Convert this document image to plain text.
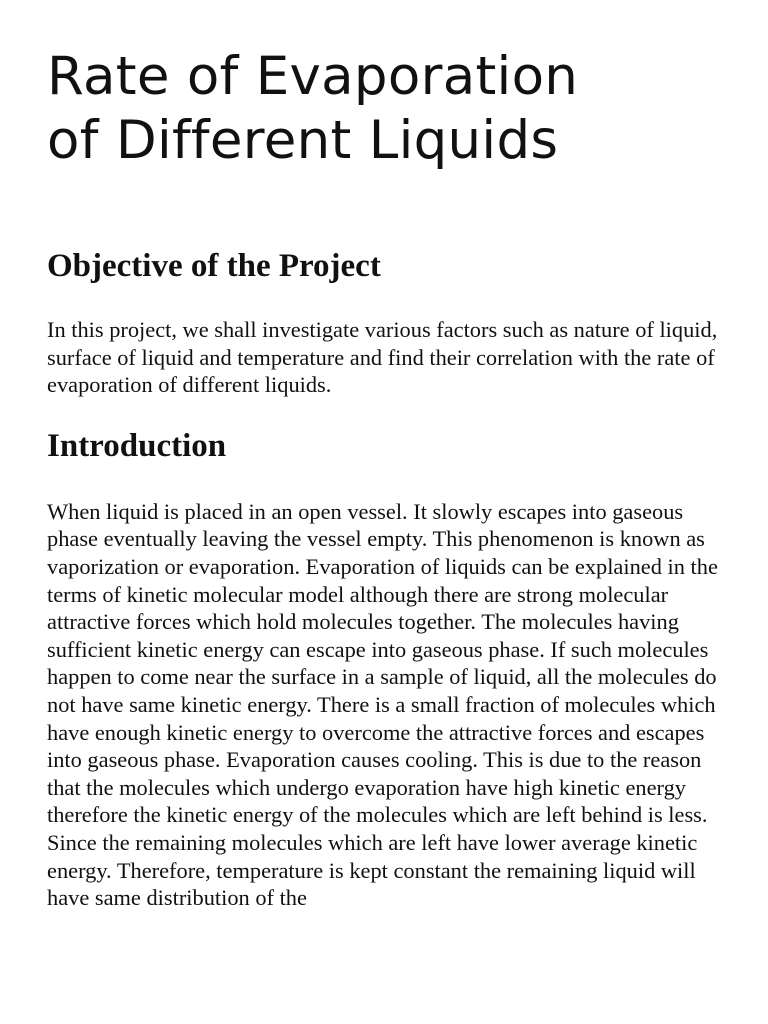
Rate of Evaporation
of Different Liquids
Objective of the Project

In this project, we shall investigate various factors such as nature of liquid, surface of liquid and temperature and find their correlation with the rate of evaporation of different liquids.

Introduction

When liquid is placed in an open vessel. It slowly escapes into gaseous phase eventually leaving the vessel empty. This phenomenon is known as vaporization or evaporation. Evaporation of liquids can be explained in the terms of kinetic molecular model although there are strong molecular attractive forces which hold molecules together. The molecules having sufficient kinetic energy can escape into gaseous phase. If such molecules happen to come near the surface in a sample of liquid, all the molecules do not have same kinetic energy. There is a small fraction of molecules which have enough kinetic energy to overcome the attractive forces and escapes into gaseous phase. Evaporation causes cooling. This is due to the reason that the molecules which undergo evaporation have high kinetic energy therefore the kinetic energy of the molecules which are left behind is less. Since the remaining molecules which are left have lower average kinetic energy. Therefore, temperature is kept constant the remaining liquid will have same distribution of the
